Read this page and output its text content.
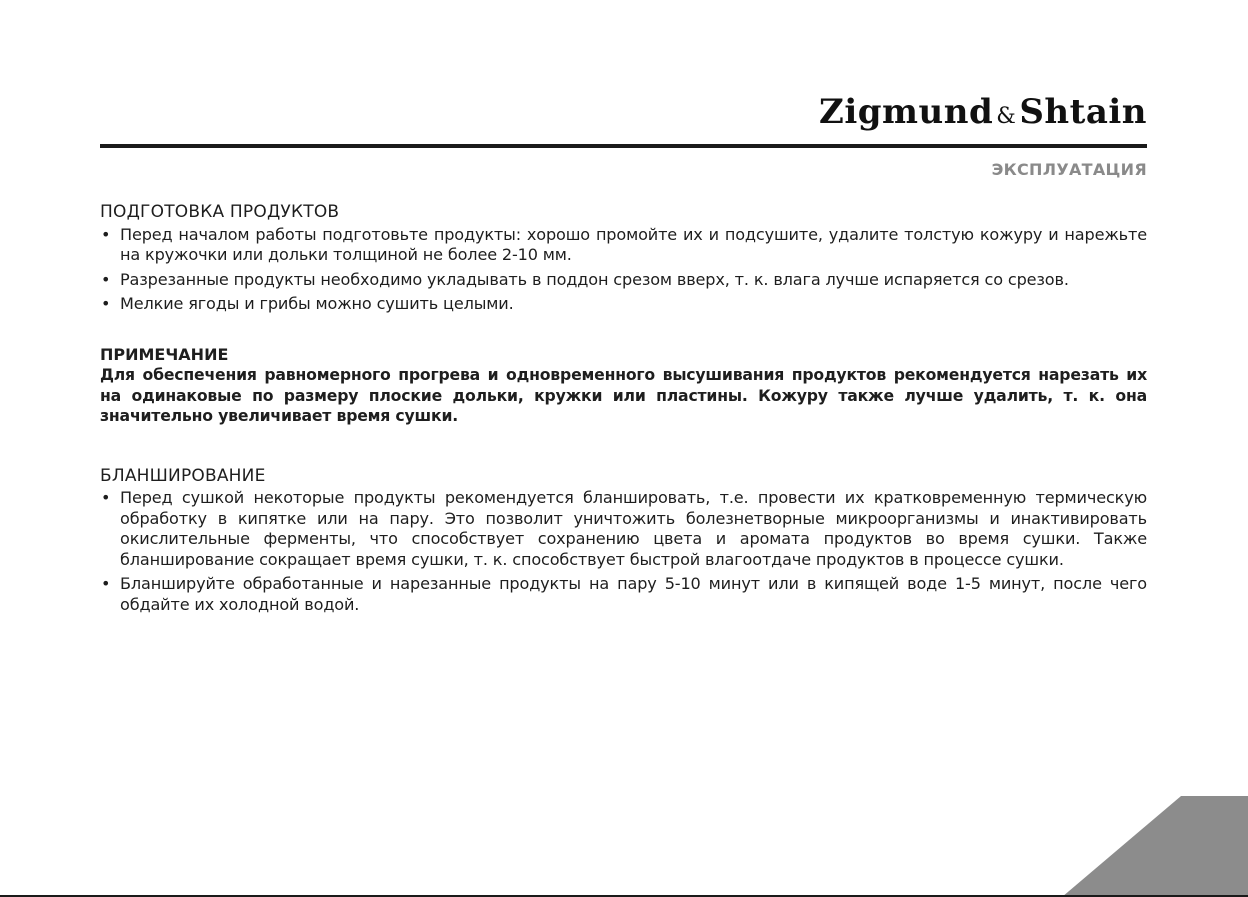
Zigmund &Shtain
ЭКСПЛУАТАЦИЯ
ПОДГОТОВКА ПРОДУКТОВ
• Перед началом работы подготовьте продукты: хорошо промойте их и подсушите, удалите толстую кожуру и нарежьте на кружочки или дольки толщиной не более 2-10 мм.
• Разрезанные продукты необходимо укладывать в поддон срезом вверх, т. к. влага лучше испаряется со срезов.
• Мелкие ягоды и грибы можно сушить целыми.
ПРИМЕЧАНИЕ
Для обеспечения равномерного прогрева и одновременного высушивания продуктов рекомендуется нарезать их на одинаковые по размеру плоские дольки, кружки или пластины. Кожуру также лучше удалить, т. к. она значительно увеличивает время сушки.
БЛАНШИРОВАНИЕ
• Перед сушкой некоторые продукты рекомендуется бланшировать, т.е. провести их кратковременную термическую обработку в кипятке или на пару. Это позволит уничтожить болезнетворные микроорганизмы и инактивировать окислительные ферменты, что способствует сохранению цвета и аромата продуктов во время сушки. Также бланширование сокращает время сушки, т. к. способствует быстрой влагоотдаче продуктов в процессе сушки.
• Бланшируйте обработанные и нарезанные продукты на пару 5-10 минут или в кипящей воде 1-5 минут, после чего обдайте их холодной водой.
